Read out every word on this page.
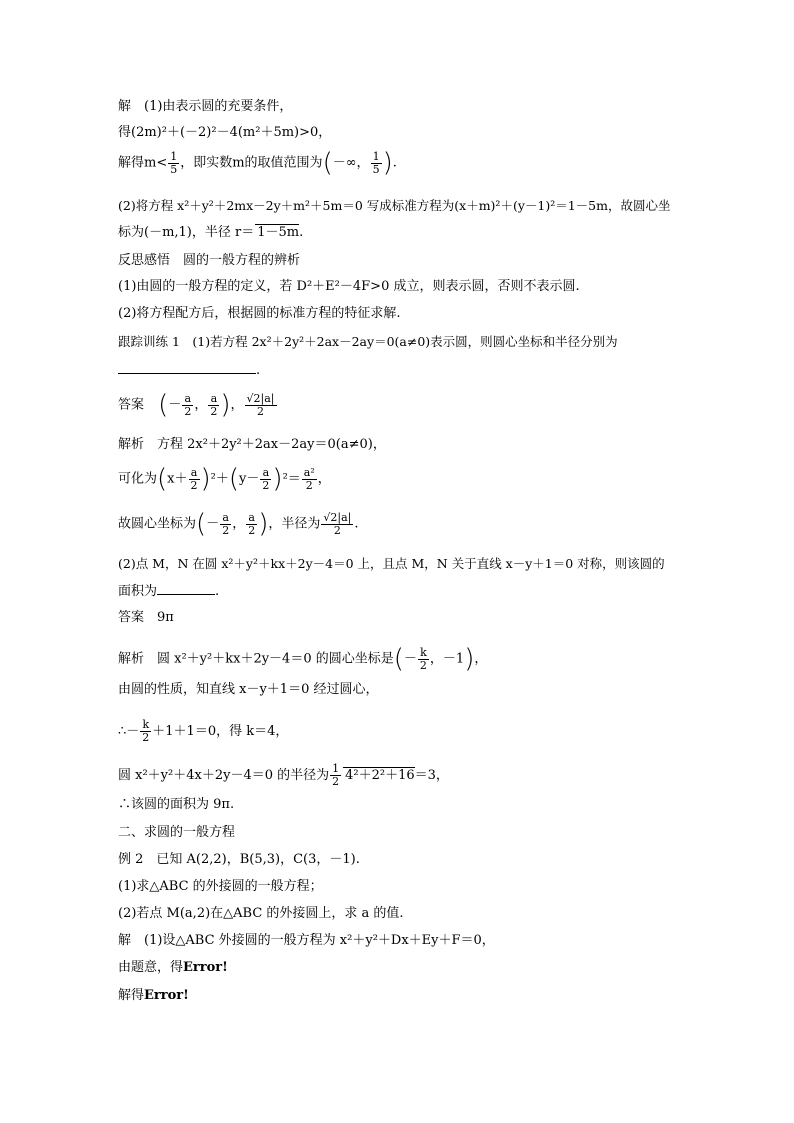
解　(1)由表示圆的充要条件，
得(2m)²＋(－2)²－4(m²＋5m)>0，
解得$m< \frac{1}{5}$ ，即实数m的取值范围为(－∞， $\frac{1}{5}$ ).
(2)将方程 x²＋y²＋2mx－2y＋m²＋5m＝0 写成标准方程为(x＋m)²＋(y－1)²＝1－5m，故圆心坐
标为(－m,1)，半径 r＝ 1－5m.
反思感悟　圆的一般方程的辨析
(1)由圆的一般方程的定义，若 D²＋E²－4F>0 成立，则表示圆，否则不表示圆.
(2)将方程配方后，根据圆的标准方程的特征求解.
跟踪训练 1　(1)若方程 2x²＋2y²＋2ax－2ay＝0(a≠0)表示圆，则圆心坐标和半径分别为
.
答案 (－ $\frac{a}{2}$ ， $\frac{a}{2}$ )， $\frac{√2|a|}{2}$
解析　方程 2x²＋2y²＋2ax－2ay＝0(a≠0)，
可化为$(x+ \frac{a}{2} )^2+(y- \frac{a}{2} )^2= \frac{\text{a²}}{2}$ ，
故圆心坐标为(－ $\frac{a}{2}$ ， $\frac{a}{2}$ )，半径为 $\frac{√2|a|}{2}$ .
(2)点 M，N 在圆 x²＋y²＋kx＋2y－4＝0 上，且点 M，N 关于直线 x－y＋1＝0 对称，则该圆的
面积为	.
答案　9π
解析　圆 x²＋y²＋kx＋2y－4＝0 的圆心坐标是(－ $\frac{k}{2}$ ，－1)，
由圆的性质，知直线 x－y＋1＝0 经过圆心，
∴－ $\frac{k}{2} +1+1=0$，得 k＝4，
圆 x²＋y²＋4x＋2y－4＝0 的半径为 $\frac{1}{2} 4^2+2^2+16=3$，
∴该圆的面积为 9π.
二、求圆的一般方程
例 2　已知 A(2,2)，B(5,3)，C(3，－1).
(1)求△ABC 的外接圆的一般方程；
(2)若点 M(a,2)在△ABC 的外接圆上，求 a 的值.
解　(1)设△ABC 外接圆的一般方程为 x²＋y²＋Dx＋Ey＋F＝0，
由题意，得Error!
解得Error!
